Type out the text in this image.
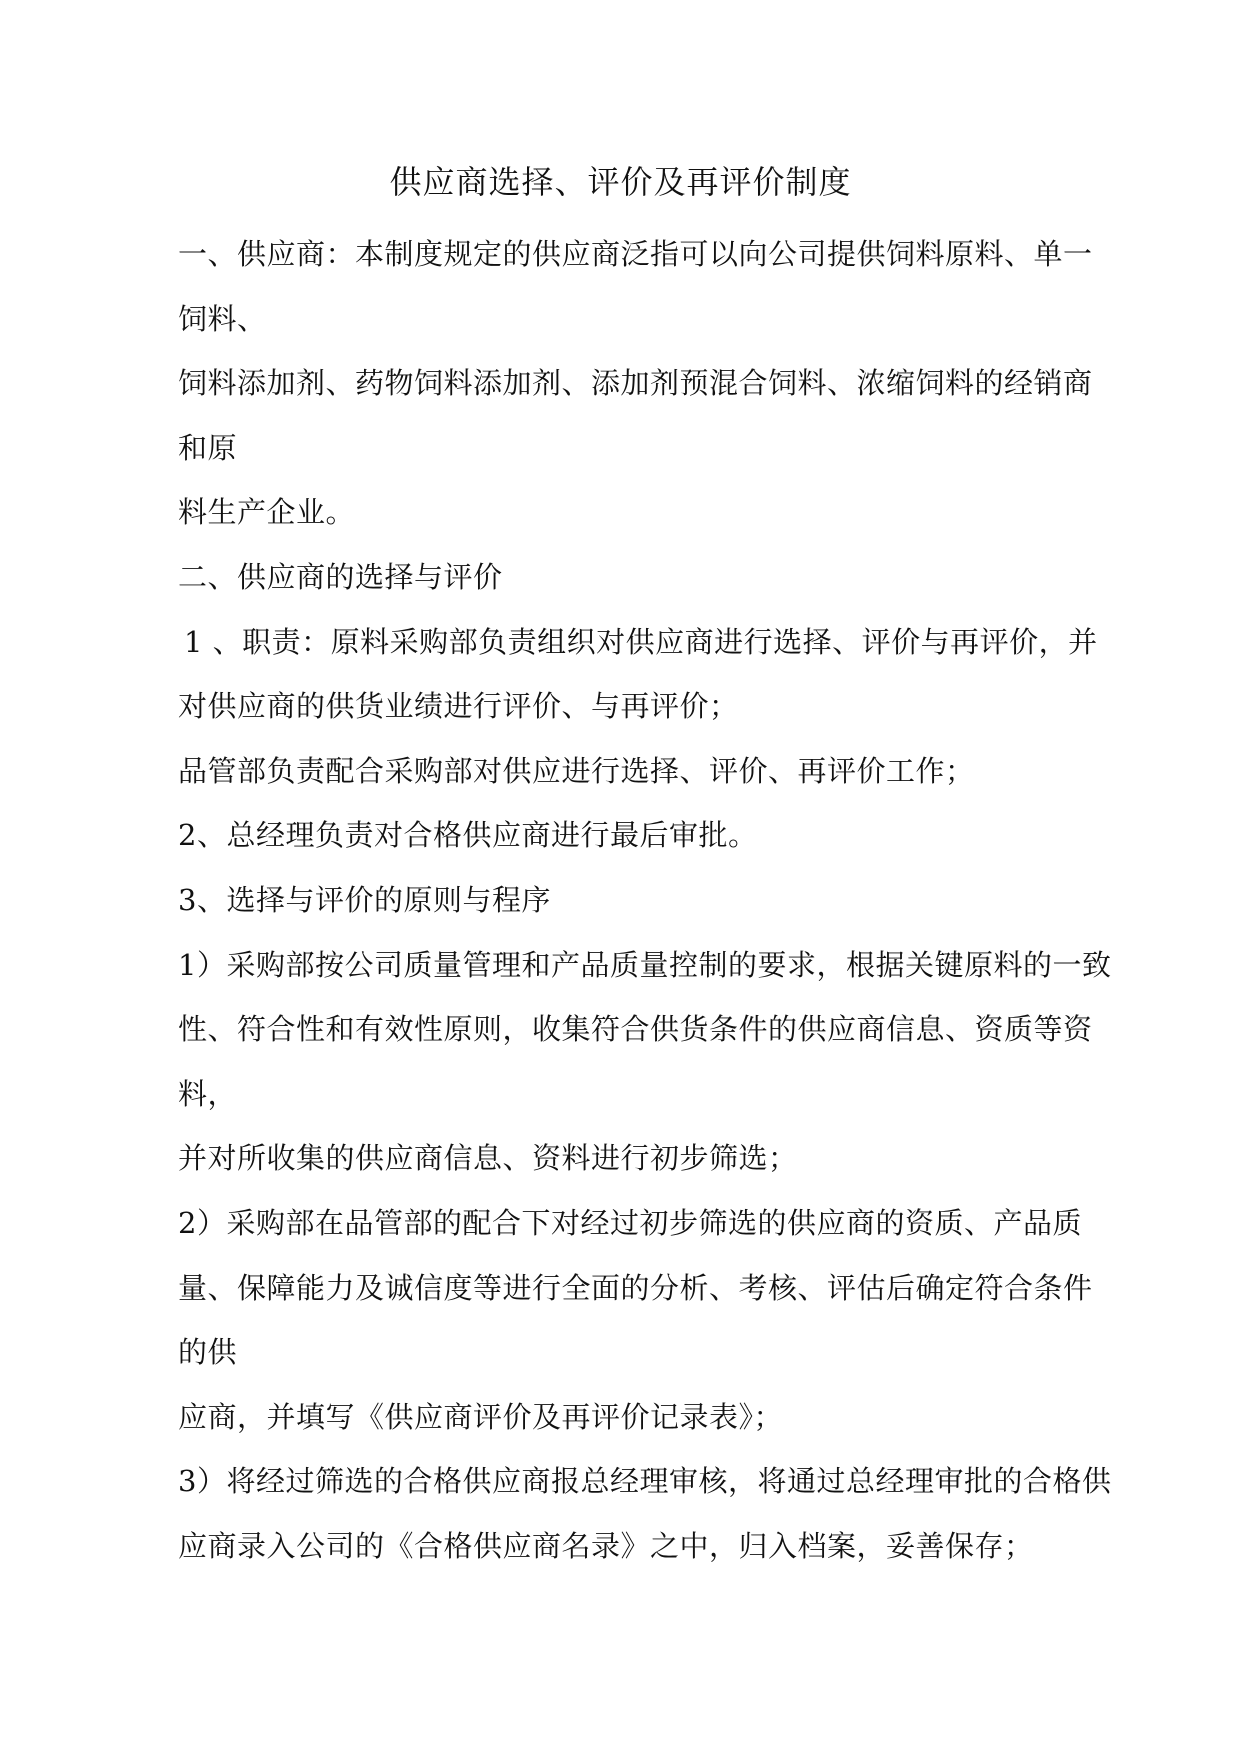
供应商选择、评价及再评价制度
一、供应商：本制度规定的供应商泛指可以向公司提供饲料原料、单一
饲料、
饲料添加剂、药物饲料添加剂、添加剂预混合饲料、浓缩饲料的经销商
和原
料生产企业。
二、供应商的选择与评价
1 、职责：原料采购部负责组织对供应商进行选择、评价与再评价，并
对供应商的供货业绩进行评价、与再评价；
品管部负责配合采购部对供应进行选择、评价、再评价工作；
2、总经理负责对合格供应商进行最后审批。
3、选择与评价的原则与程序
1）采购部按公司质量管理和产品质量控制的要求，根据关键原料的一致
性、符合性和有效性原则，收集符合供货条件的供应商信息、资质等资
料，
并对所收集的供应商信息、资料进行初步筛选；
2）采购部在品管部的配合下对经过初步筛选的供应商的资质、产品质
量、保障能力及诚信度等进行全面的分析、考核、评估后确定符合条件
的供
应商，并填写《供应商评价及再评价记录表》；
3）将经过筛选的合格供应商报总经理审核，将通过总经理审批的合格供
应商录入公司的《合格供应商名录》之中，归入档案，妥善保存；
